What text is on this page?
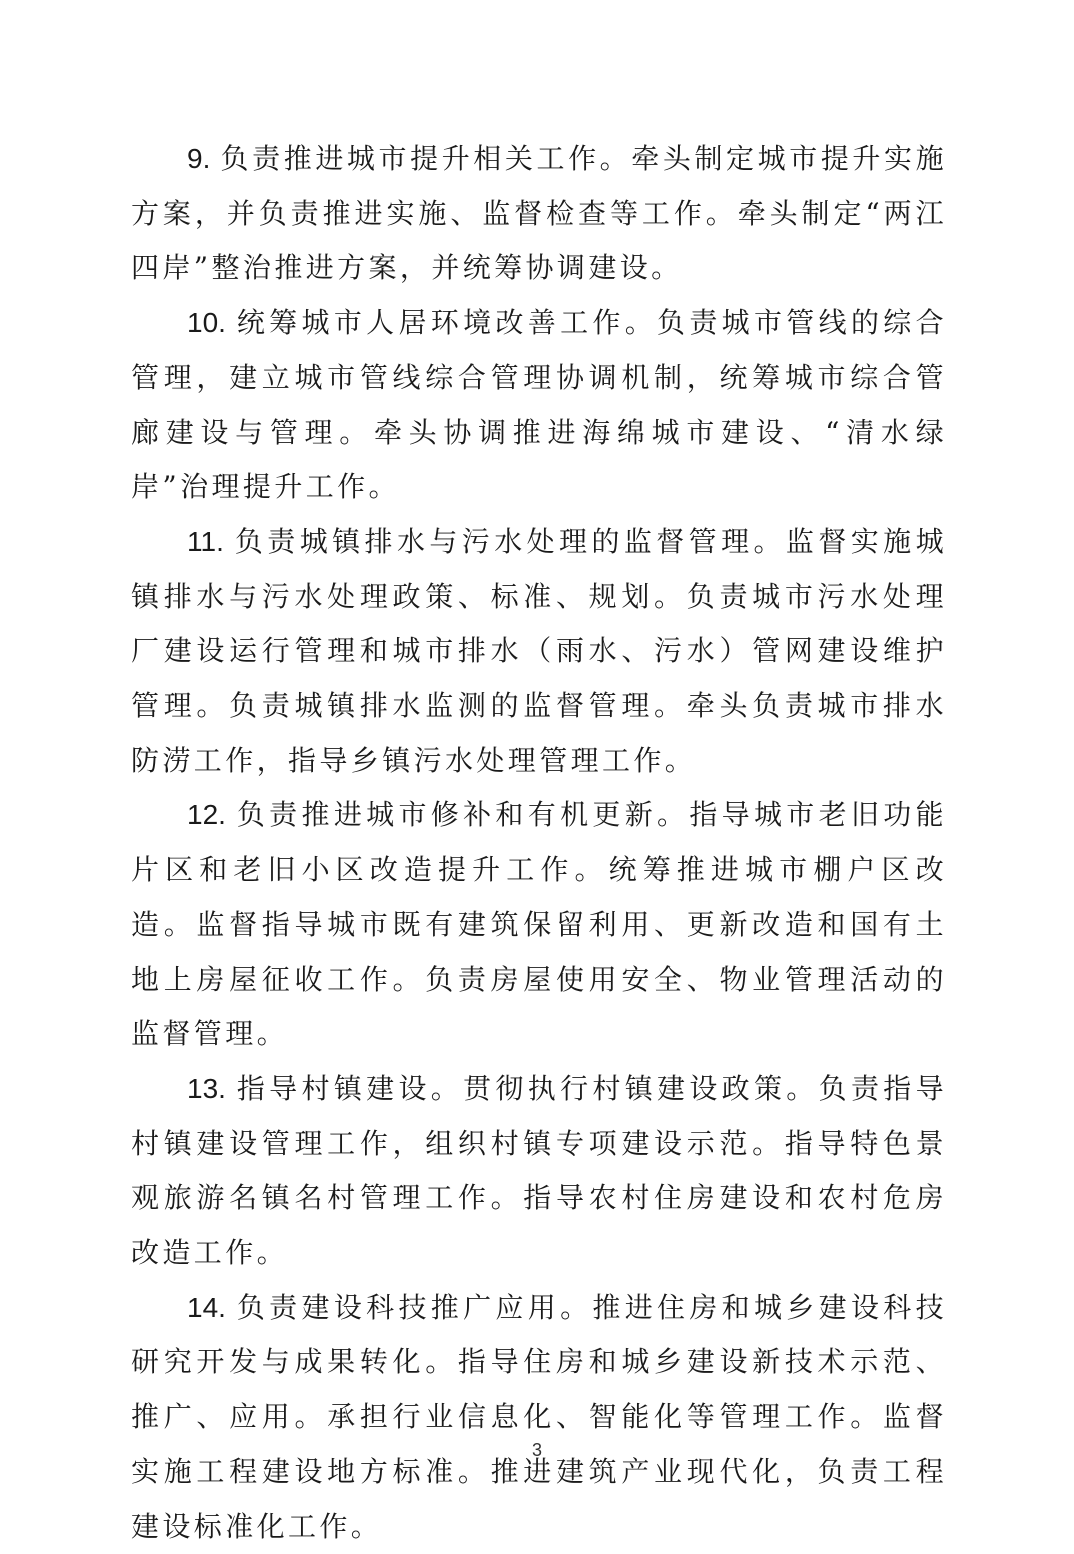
9. 负责推进城市提升相关工作。牵头制定城市提升实施方案，并负责推进实施、监督检查等工作。牵头制定“两江四岸”整治推进方案，并统筹协调建设。

10. 统筹城市人居环境改善工作。负责城市管线的综合管理，建立城市管线综合管理协调机制，统筹城市综合管廊建设与管理。牵头协调推进海绵城市建设、“清水绿岸”治理提升工作。

11. 负责城镇排水与污水处理的监督管理。监督实施城镇排水与污水处理政策、标准、规划。负责城市污水处理厂建设运行管理和城市排水（雨水、污水）管网建设维护管理。负责城镇排水监测的监督管理。牵头负责城市排水防涝工作，指导乡镇污水处理管理工作。

12. 负责推进城市修补和有机更新。指导城市老旧功能片区和老旧小区改造提升工作。统筹推进城市棚户区改造。监督指导城市既有建筑保留利用、更新改造和国有土地上房屋征收工作。负责房屋使用安全、物业管理活动的监督管理。

13. 指导村镇建设。贯彻执行村镇建设政策。负责指导村镇建设管理工作，组织村镇专项建设示范。指导特色景观旅游名镇名村管理工作。指导农村住房建设和农村危房改造工作。

14. 负责建设科技推广应用。推进住房和城乡建设科技研究开发与成果转化。指导住房和城乡建设新技术示范、推广、应用。承担行业信息化、智能化等管理工作。监督实施工程建设地方标准。推进建筑产业现代化，负责工程建设标准化工作。

3
